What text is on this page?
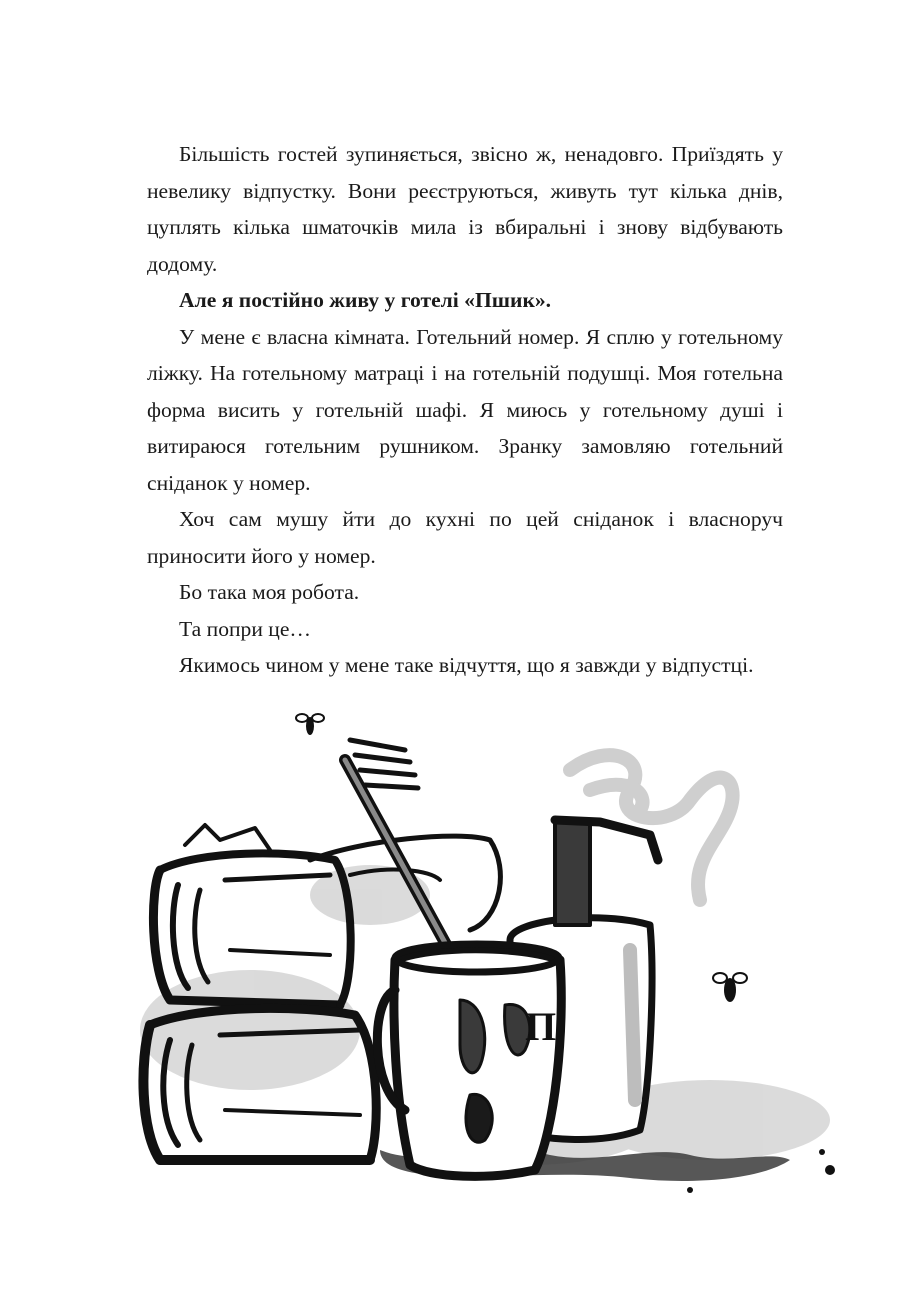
Більшість гостей зупиняється, звісно ж, ненадовго. Приїздять у невелику відпустку. Вони реєструються, живуть тут кілька днів, цуплять кілька шматочків мила із вбиральні і знову відбувають додому.

Але я постійно живу у готелі «Пшик».

У мене є власна кімната. Готельний номер. Я сплю у готельному ліжку. На готельному матраці і на готельній подушці. Моя готельна форма висить у готельній шафі. Я миюсь у готельному душі і витираюся готельним рушником. Зранку замовляю готельний сніданок у номер.

Хоч сам мушу йти до кухні по цей сніданок і власноруч приносити його у номер.

Бо така моя робота.

Та попри це…

Якимось чином у мене таке відчуття, що я завжди у відпустці.

П
